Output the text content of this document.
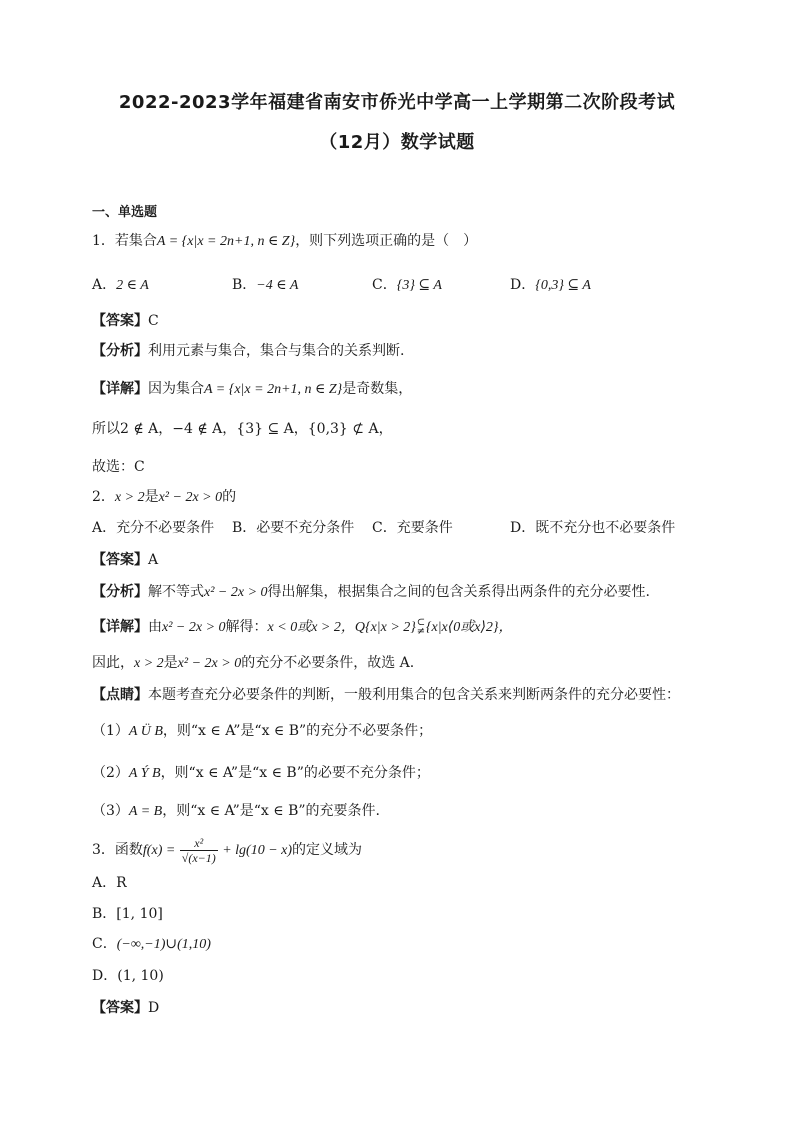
2022-2023学年福建省南安市侨光中学高一上学期第二次阶段考试
（12月）数学试题
一、单选题
1．若集合A = {x|x = 2n+1, n ∈ Z}，则下列选项正确的是（　）
A．2 ∈ A	B．−4 ∈ A	C．{3} ⊆ A	D．{0,3} ⊆ A
【答案】C
【分析】利用元素与集合，集合与集合的关系判断.
【详解】因为集合A = {x|x = 2n+1, n ∈ Z}是奇数集，
所以2 ∉ A，−4 ∉ A，{3} ⊆ A，{0,3} ⊄ A，
故选：C
2．x > 2是x² − 2x > 0的
A．充分不必要条件 B．必要不充分条件 C．充要条件	D．既不充分也不必要条件
【答案】A
【分析】解不等式x² − 2x > 0得出解集，根据集合之间的包含关系得出两条件的充分必要性.
【详解】由x² − 2x > 0解得：x < 0或x > 2，Q{x|x > 2}⊂
≠{x|x⟨0或x⟩2}，
因此，x > 2是x² − 2x > 0的充分不必要条件，故选 A.
【点睛】本题考查充分必要条件的判断，一般利用集合的包含关系来判断两条件的充分必要性：
（1）A Ü B，则“x ∈ A”是“x ∈ B”的充分不必要条件；
（2）A Ý B，则“x ∈ A”是“x ∈ B”的必要不充分条件；
（3）A = B，则“x ∈ A”是“x ∈ B”的充要条件.
3．函数$f(x) = \frac{\text{x²}}{√(x-1)} + \lg(10 - x)$的定义域为
A．R
B．[1, 10]
C．(−∞,−1)∪(1,10)
D．(1, 10)
【答案】D
